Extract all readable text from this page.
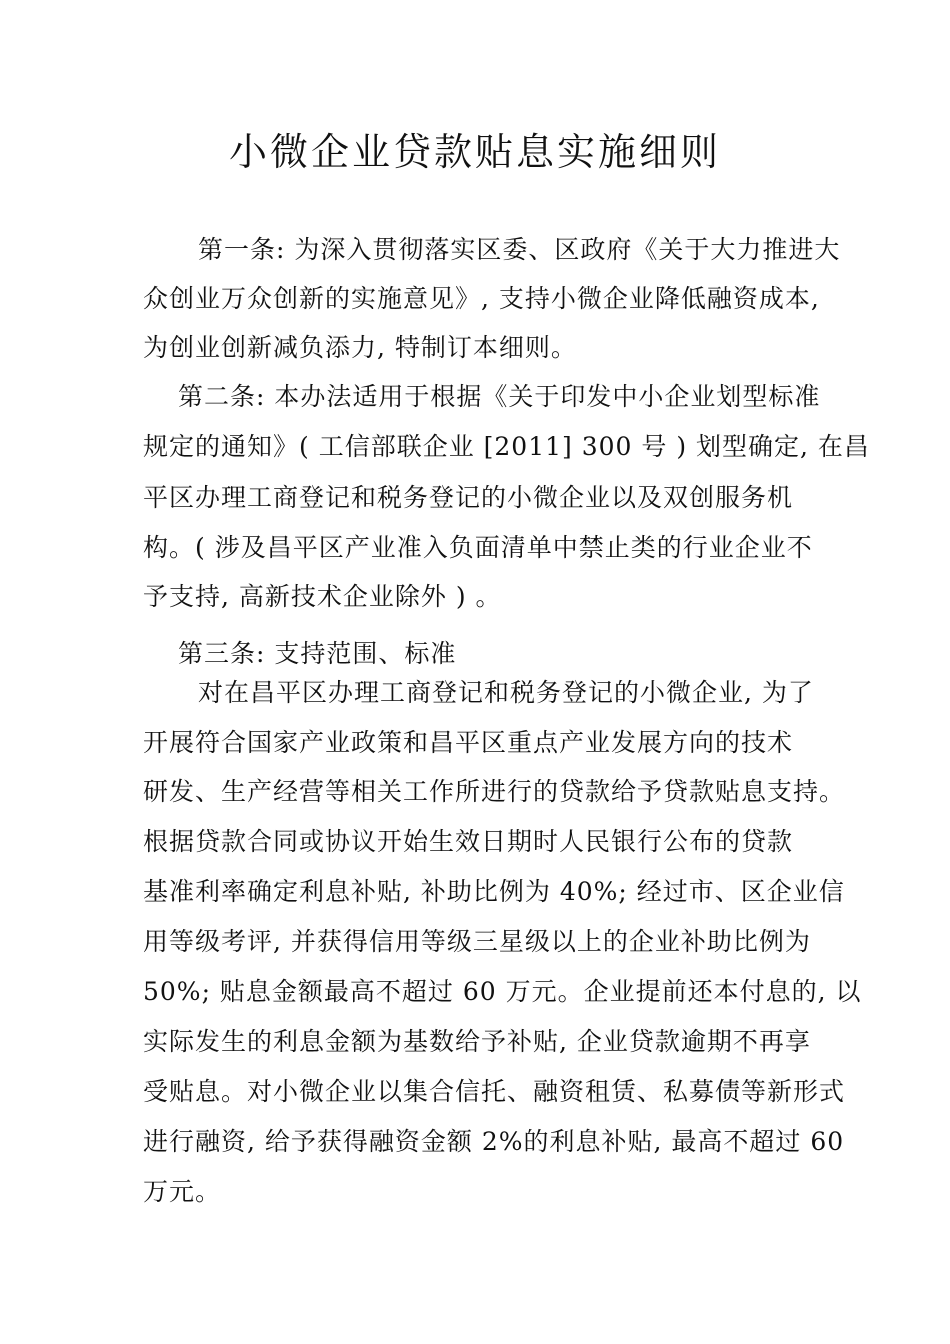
小微企业贷款贴息实施细则

第一条: 为深入贯彻落实区委、区政府《关于大力推进大

众创业万众创新的实施意见》, 支持小微企业降低融资成本,

为创业创新减负添力, 特制订本细则。

第二条: 本办法适用于根据《关于印发中小企业划型标准

规定的通知》( 工信部联企业 [2011] 300 号 ) 划型确定, 在昌

平区办理工商登记和税务登记的小微企业以及双创服务机

构。( 涉及昌平区产业准入负面清单中禁止类的行业企业不

予支持, 高新技术企业除外 ) 。

第三条: 支持范围、标准

对在昌平区办理工商登记和税务登记的小微企业, 为了

开展符合国家产业政策和昌平区重点产业发展方向的技术

研发、生产经营等相关工作所进行的贷款给予贷款贴息支持。

根据贷款合同或协议开始生效日期时人民银行公布的贷款

基准利率确定利息补贴, 补助比例为 40%; 经过市、区企业信

用等级考评, 并获得信用等级三星级以上的企业补助比例为

50%; 贴息金额最高不超过 60 万元。企业提前还本付息的, 以

实际发生的利息金额为基数给予补贴, 企业贷款逾期不再享

受贴息。对小微企业以集合信托、融资租赁、私募债等新形式

进行融资, 给予获得融资金额 2%的利息补贴, 最高不超过 60

万元。
